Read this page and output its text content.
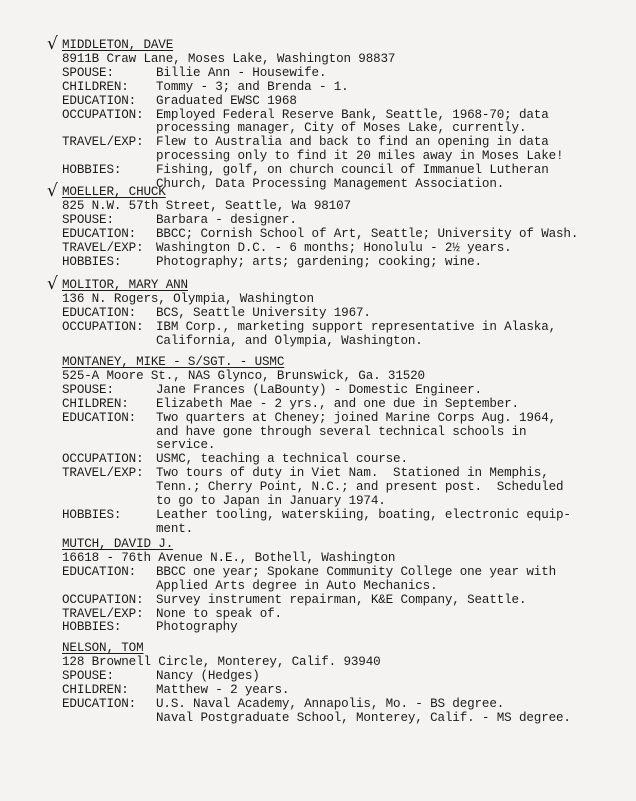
√ MIDDLETON, DAVE
8911B Craw Lane, Moses Lake, Washington 98837
SPOUSE:	Billie Ann - Housewife.
CHILDREN: Tommy - 3; and Brenda - 1.
EDUCATION: Graduated EWSC 1968
OCCUPATION: Employed Federal Reserve Bank, Seattle, 1968-70; data
processing manager, City of Moses Lake, currently.
TRAVEL/EXP: Flew to Australia and back to find an opening in data
processing only to find it 20 miles away in Moses Lake!
HOBBIES:	Fishing, golf, on church council of Immanuel Lutheran
Church, Data Processing Management Association.
√ MOELLER, CHUCK
825 N.W. 57th Street, Seattle, Wa 98107
SPOUSE:	Barbara - designer.
EDUCATION: BBCC; Cornish School of Art, Seattle; University of Wash.
TRAVEL/EXP: Washington D.C. - 6 months; Honolulu - 2½ years.
HOBBIES:	Photography; arts; gardening; cooking; wine.
√ MOLITOR, MARY ANN
136 N. Rogers, Olympia, Washington
EDUCATION: BCS, Seattle University 1967.
OCCUPATION: IBM Corp., marketing support representative in Alaska,
California, and Olympia, Washington.
MONTANEY, MIKE - S/SGT. - USMC
525-A Moore St., NAS Glynco, Brunswick, Ga. 31520
SPOUSE:	Jane Frances (LaBounty) - Domestic Engineer.
CHILDREN: Elizabeth Mae - 2 yrs., and one due in September.
EDUCATION: Two quarters at Cheney; joined Marine Corps Aug. 1964,
and have gone through several technical schools in
service.
OCCUPATION: USMC, teaching a technical course.
TRAVEL/EXP: Two tours of duty in Viet Nam.  Stationed in Memphis,
Tenn.; Cherry Point, N.C.; and present post.  Scheduled
to go to Japan in January 1974.
HOBBIES:	Leather tooling, waterskiing, boating, electronic equip-
ment.
MUTCH, DAVID J.
16618 - 76th Avenue N.E., Bothell, Washington
EDUCATION: BBCC one year; Spokane Community College one year with
Applied Arts degree in Auto Mechanics.
OCCUPATION: Survey instrument repairman, K&E Company, Seattle.
TRAVEL/EXP: None to speak of.
HOBBIES:	Photography
NELSON, TOM
128 Brownell Circle, Monterey, Calif. 93940
SPOUSE:	Nancy (Hedges)
CHILDREN: Matthew - 2 years.
EDUCATION: U.S. Naval Academy, Annapolis, Mo. - BS degree.
Naval Postgraduate School, Monterey, Calif. - MS degree.
